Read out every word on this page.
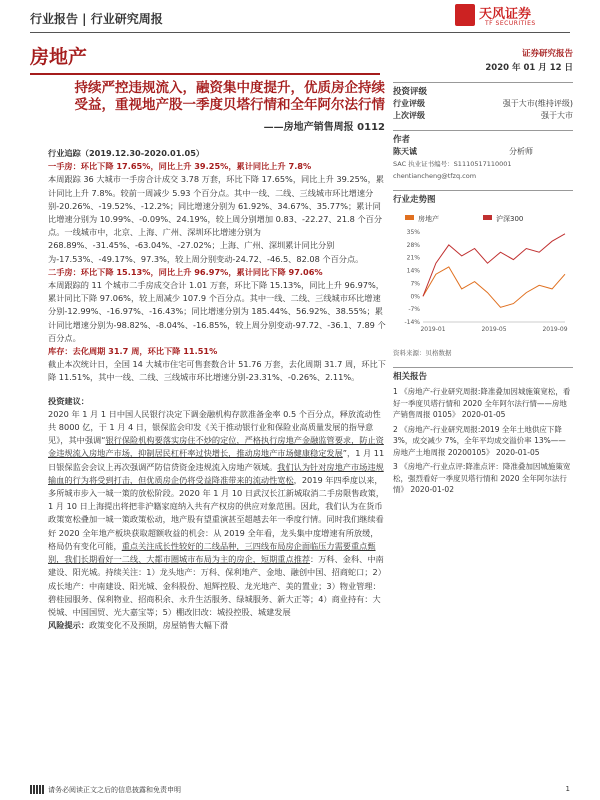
行业报告 | 行业研究周报	天风证券
TF SECURITIES
房地产
持续严控违规流入，融资集中度提升，优质房企持续
受益，重视地产股一季度贝塔行情和全年阿尔法行情
——房地产销售周报 0112

行业追踪（2019.12.30-2020.01.05）

一手房：环比下降 17.65%，同比上升 39.25%，累计同比上升 7.8%

本周跟踪 36 大城市一手房合计成交 3.78 万套，环比下降 17.65%，同比上升 39.25%，累计同比上升 7.8%。较前一周减少 5.93 个百分点。其中一线、二线、三线城市环比增速分别-20.26%、-19.52%、-12.2%；同比增速分别为 61.92%、34.67%、35.77%；累计同比增速分别为 10.99%、-0.09%、24.19%，较上周分别增加 0.83、-22.27、21.8 个百分点。一线城市中，北京、上海、广州、深圳环比增速分别为 268.89%、-31.45%、-63.04%、-27.02%；上海、广州、深圳累计同比分别为-17.53%、-49.17%、97.3%，较上周分别变动-24.72、-46.5、82.08 个百分点。

二手房：环比下降 15.13%，同比上升 96.97%，累计同比下降 97.06%

本周跟踪的 11 个城市二手房成交合计 1.01 万套，环比下降 15.13%，同比上升 96.97%，累计同比下降 97.06%，较上周减少 107.9 个百分点。其中一线、二线、三线城市环比增速分别-12.99%、-16.97%、-16.43%；同比增速分别为 185.44%、56.92%、38.55%；累计同比增速分别为-98.82%、-8.04%、-16.85%，较上周分别变动-97.72、-36.1、7.89 个百分点。

库存：去化周期 31.7 周，环比下降 11.51%

截止本次统计日，全国 14 大城市住宅可售套数合计 51.76 万套，去化周期 31.7 周，环比下降 11.51%，其中一线、二线、三线城市环比增速分别-23.31%、-0.26%、2.11%。

投资建议：

2020 年 1 月 1 日中国人民银行决定下调金融机构存款准备金率 0.5 个百分点，释放流动性共 8000 亿，于 1 月 4 日，银保监会印发《关于推动银行业和保险业高质量发展的指导意见》，其中强调“银行保险机构要落实房住不炒的定位，严格执行房地产金融监管要求，防止资金违规流入房地产市场，抑制居民杠杆率过快增长，推动房地产市场健康稳定发展”，1 月 11 日银保监会会议上再次强调严防信贷资金违规流入房地产领域。我们认为针对房地产市场违规输血的行为将受到打击，但优质房企仍将受益降准带来的流动性宽松，2019 年四季度以来，多所城市步入一城一策的放松阶段。2020 年 1 月 10 日武汉长江新城取消二手房限售政策，1 月 10 日上海提出将把非沪籍家庭纳入共有产权房的供应对象范围。因此，我们认为在货币政策宽松叠加一城一策政策松动，地产股有望重演甚至超越去年一季度行情。同时我们继续看好 2020 全年地产板块获取超额收益的机会：从 2019 全年看，龙头集中度增速有所放缓，格局仍有变化可能，重点关注成长性较好的二线品种，三四线布局房企面临压力需要重点甄别，我们长期看好一二线、大都市圈城市布局为主的房企，短期重点推荐：万科、金科、中南建设、阳光城。持续关注：1）龙头地产：万科、保利地产、金地、融创中国、招商蛇口；2）成长地产：中南建设、阳光城、金科股份、旭辉控股、龙光地产、美的置业；3）物业管理：碧桂园服务、保利物业、招商积余、永升生活服务、绿城服务、新大正等；4）商业持有：大悦城、中国国贸、光大嘉宝等；5）棚改旧改：城投控股、城建发展

风险提示：政策变化不及预期，房屋销售大幅下滑

证券研究报告
2020 年 01 月 12 日
投资评级
行业评级	强于大市(维持评级)
上次评级	强于大市
作者
陈天诚	分析师
SAC 执业证书编号：S1110517110001
chentiancheng@tfzq.com
行业走势图
房地产	沪深300
35%
28%
21%
14%
7%
0%
-7%
-14%
2019-01	2019-05	2019-09
资料来源：贝格数据
相关报告
1 《房地产-行业研究周报:降准叠加因城施策宽松，看好一季度贝塔行情和 2020 全年阿尔法行情——房地产销售周报 0105》 2020-01-05
2 《房地产-行业研究周报:2019 全年土地供应下降 3%，成交减少 7%，全年平均成交溢价率 13%——房地产土地周报 20200105》 2020-01-05
3 《房地产-行业点评:降准点评：降准叠加因城施策宽松，强烈看好一季度贝塔行情和 2020 全年阿尔法行情》 2020-01-02
请务必阅读正文之后的信息披露和免责申明	1
